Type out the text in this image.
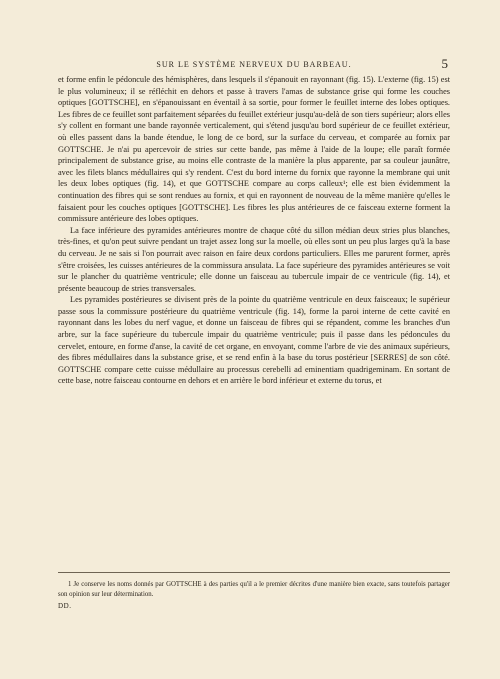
SUR LE SYSTÈME NERVEUX DU BARBEAU.	5

et forme enfin le pédoncule des hémisphères, dans lesquels il s'épanouit en rayonnant (fig. 15). L'externe (fig. 15) est le plus volumineux; il se réfléchit en dehors et passe à travers l'amas de substance grise qui forme les couches optiques [GOTTSCHE], en s'épanouissant en éventail à sa sortie, pour former le feuillet interne des lobes optiques. Les fibres de ce feuillet sont parfaitement séparées du feuillet extérieur jusqu'au-delà de son tiers supérieur; alors elles s'y collent en formant une bande rayonnée verticalement, qui s'étend jusqu'au bord supérieur de ce feuillet extérieur, où elles passent dans la bande étendue, le long de ce bord, sur la surface du cerveau, et comparée au fornix par GOTTSCHE. Je n'ai pu apercevoir de stries sur cette bande, pas même à l'aide de la loupe; elle paraît formée principalement de substance grise, au moins elle contraste de la manière la plus apparente, par sa couleur jaunâtre, avec les filets blancs médullaires qui s'y rendent. C'est du bord interne du fornix que rayonne la membrane qui unit les deux lobes optiques (fig. 14), et que GOTTSCHE compare au corps calleux¹; elle est bien évidemment la continuation des fibres qui se sont rendues au fornix, et qui en rayonnent de nouveau de la même manière qu'elles le faisaient pour les couches optiques [GOTTSCHE]. Les fibres les plus antérieures de ce faisceau externe forment la commissure antérieure des lobes optiques.

La face inférieure des pyramides antérieures montre de chaque côté du sillon médian deux stries plus blanches, très-fines, et qu'on peut suivre pendant un trajet assez long sur la moelle, où elles sont un peu plus larges qu'à la base du cerveau. Je ne sais si l'on pourrait avec raison en faire deux cordons particuliers. Elles me parurent former, après s'être croisées, les cuisses antérieures de la commissura ansulata. La face supérieure des pyramides antérieures se voit sur le plancher du quatrième ventricule; elle donne un faisceau au tubercule impair de ce ventricule (fig. 14), et présente beaucoup de stries transversales.

Les pyramides postérieures se divisent près de la pointe du quatrième ventricule en deux faisceaux; le supérieur passe sous la commissure postérieure du quatrième ventricule (fig. 14), forme la paroi interne de cette cavité en rayonnant dans les lobes du nerf vague, et donne un faisceau de fibres qui se répandent, comme les branches d'un arbre, sur la face supérieure du tubercule impair du quatrième ventricule; puis il passe dans les pédoncules du cervelet, entoure, en forme d'anse, la cavité de cet organe, en envoyant, comme l'arbre de vie des animaux supérieurs, des fibres médullaires dans la substance grise, et se rend enfin à la base du torus postérieur [SERRES] de son côté. GOTTSCHE compare cette cuisse médullaire au processus cerebelli ad eminentiam quadrigeminam. En sortant de cette base, notre faisceau contourne en dehors et en arrière le bord inférieur et externe du torus, et

1 Je conserve les noms donnés par GOTTSCHE à des parties qu'il a le premier décrites d'une manière bien exacte, sans toutefois partager son opinion sur leur détermination.

DD.
